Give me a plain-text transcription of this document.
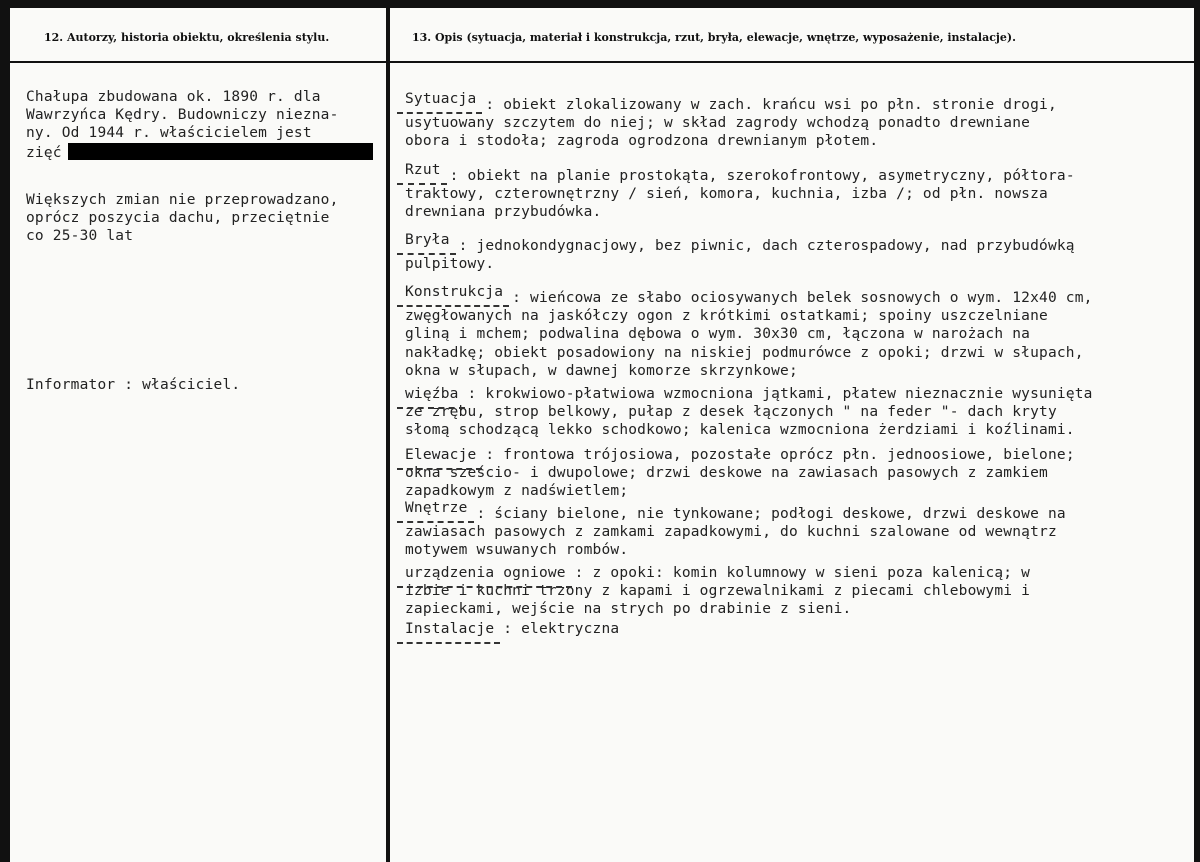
12. Autorzy, historia obiektu, określenia stylu.	13. Opis (sytuacja, materiał i konstrukcja, rzut, bryła, elewacje, wnętrze, wyposażenie, instalacje).
Chałupa zbudowana ok. 1890 r. dla
Wawrzyńca Kędry. Budowniczy niezna-
ny. Od 1944 r. właścicielem jest
zięć
Większych zmian nie przeprowadzano,
oprócz poszycia dachu, przeciętnie
co 25-30 lat
Informator : właściciel.
Sytuacja : obiekt zlokalizowany w zach. krańcu wsi po płn. stronie drogi,
usytuowany szczytem do niej; w skład zagrody wchodzą ponadto drewniane
obora i stodoła; zagroda ogrodzona drewnianym płotem.
Rzut : obiekt na planie prostokąta, szerokofrontowy, asymetryczny, półtora-
traktowy, czterownętrzny / sień, komora, kuchnia, izba /; od płn. nowsza
drewniana przybudówka.
Bryła : jednokondygnacjowy, bez piwnic, dach czterospadowy, nad przybudówką
pulpitowy.
Konstrukcja : wieńcowa ze słabo ociosywanych belek sosnowych o wym. 12x40 cm,
zwęgłowanych na jaskółczy ogon z krótkimi ostatkami; spoiny uszczelniane
gliną i mchem; podwalina dębowa o wym. 30x30 cm, łączona w narożach na
nakładkę; obiekt posadowiony na niskiej podmurówce z opoki; drzwi w słupach,
okna w słupach, w dawnej komorze skrzynkowe;
więźba : krokwiowo-płatwiowa wzmocniona jątkami, płatew nieznacznie wysunięta
ze zrębu, strop belkowy, pułap z desek łączonych " na feder "- dach kryty
słomą schodzącą lekko schodkowo; kalenica wzmocniona żerdziami i koźlinami.
Elewacje : frontowa trójosiowa, pozostałe oprócz płn. jednoosiowe, bielone;
okna sześcio- i dwupolowe; drzwi deskowe na zawiasach pasowych z zamkiem
zapadkowym z nadświetlem;
Wnętrze : ściany bielone, nie tynkowane; podłogi deskowe, drzwi deskowe na
zawiasach pasowych z zamkami zapadkowymi, do kuchni szalowane od wewnątrz
motywem wsuwanych rombów.
urządzenia ogniowe : z opoki: komin kolumnowy w sieni poza kalenicą; w
izbie i kuchni trzony z kapami i ogrzewalnikami z piecami chlebowymi i
zapieckami, wejście na strych po drabinie z sieni.
Instalacje : elektryczna
